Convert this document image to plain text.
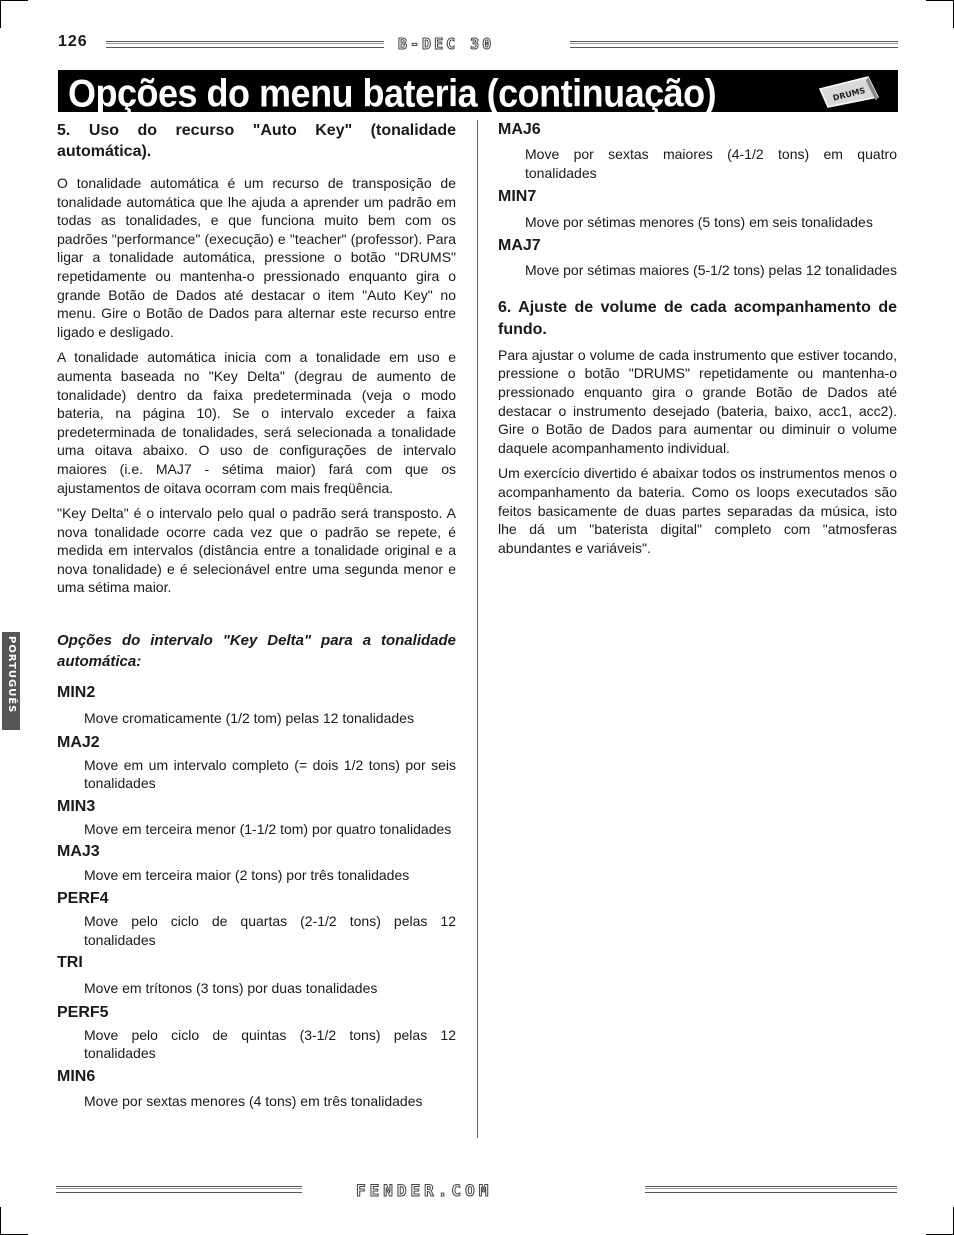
126	B-DEC 30
Opções do menu bateria (continuação)	DRUMS
5. Uso do recurso "Auto Key" (tonalidade automática).

O tonalidade automática é um recurso de transposição de tonalidade automática que lhe ajuda a aprender um padrão em todas as tonalidades, e que funciona muito bem com os padrões "performance" (execução) e "teacher" (professor). Para ligar a tonalidade automática, pressione o botão "DRUMS" repetidamente ou mantenha-o pressionado enquanto gira o grande Botão de Dados até destacar o item "Auto Key" no menu. Gire o Botão de Dados para alternar este recurso entre ligado e desligado.

A tonalidade automática inicia com a tonalidade em uso e aumenta baseada no "Key Delta" (degrau de aumento de tonalidade) dentro da faixa predeterminada (veja o modo bateria, na página 10). Se o intervalo exceder a faixa predeterminada de tonalidades, será selecionada a tonalidade uma oitava abaixo. O uso de configurações de intervalo maiores (i.e. MAJ7 - sétima maior) fará com que os ajustamentos de oitava ocorram com mais freqüência.

"Key Delta" é o intervalo pelo qual o padrão será transposto. A nova tonalidade ocorre cada vez que o padrão se repete, é medida em intervalos (distância entre a tonalidade original e a nova tonalidade) e é selecionável entre uma segunda menor e uma sétima maior.

Opções do intervalo "Key Delta" para a tonalidade automática:
MIN2

Move cromaticamente (1/2 tom) pelas 12 tonalidades

MAJ2

Move em um intervalo completo (= dois 1/2 tons) por seis tonalidades

MIN3

Move em terceira menor (1-1/2 tom) por quatro tonalidades

MAJ3

Move em terceira maior (2 tons) por três tonalidades

PERF4

Move pelo ciclo de quartas (2-1/2 tons) pelas 12 tonalidades

TRI

Move em trítonos (3 tons) por duas tonalidades

PERF5

Move pelo ciclo de quintas (3-1/2 tons) pelas 12 tonalidades

MIN6

Move por sextas menores (4 tons) em três tonalidades

MAJ6

Move por sextas maiores (4-1/2 tons) em quatro tonalidades

MIN7

Move por sétimas menores (5 tons) em seis tonalidades

MAJ7

Move por sétimas maiores (5-1/2 tons) pelas 12 tonalidades

6. Ajuste de volume de cada acompanhamento de fundo.

Para ajustar o volume de cada instrumento que estiver tocando, pressione o botão "DRUMS" repetidamente ou mantenha-o pressionado enquanto gira o grande Botão de Dados até destacar o instrumento desejado (bateria, baixo, acc1, acc2). Gire o Botão de Dados para aumentar ou diminuir o volume daquele acompanhamento individual.

Um exercício divertido é abaixar todos os instrumentos menos o acompanhamento da bateria. Como os loops executados são feitos basicamente de duas partes separadas da música, isto lhe dá um "baterista digital" completo com "atmosferas abundantes e variáveis".

PORTUGUÊS
FENDER.COM
